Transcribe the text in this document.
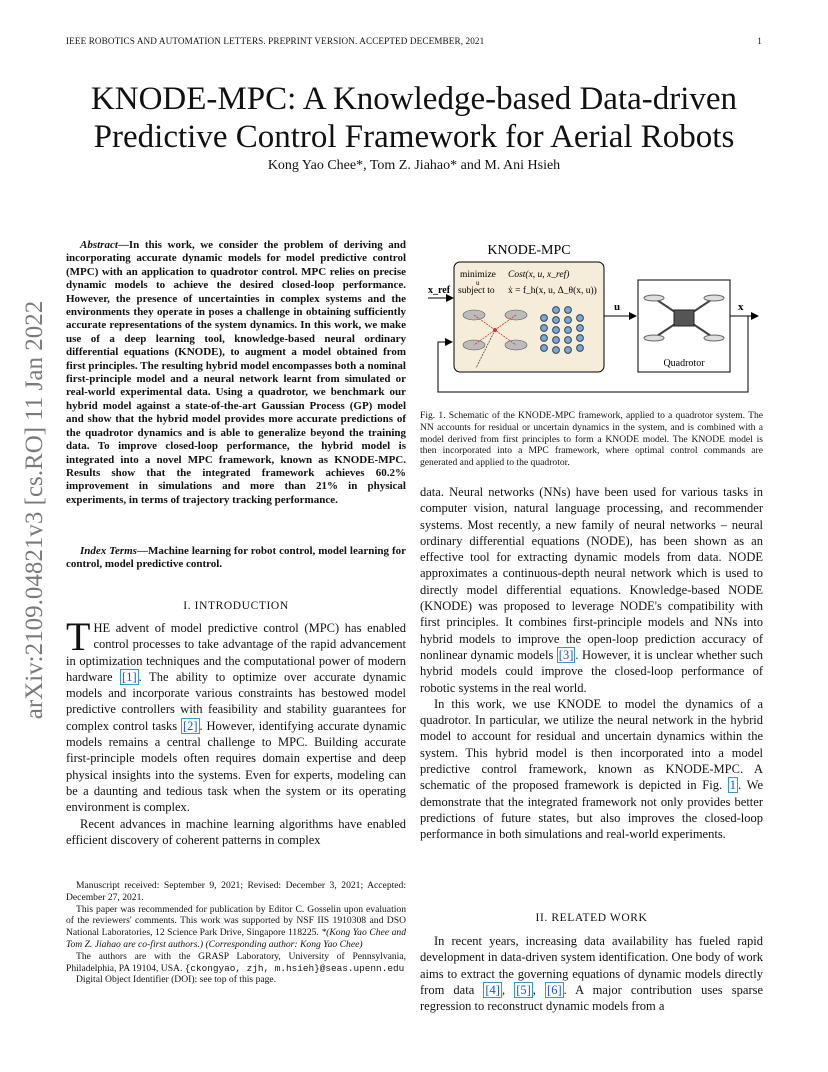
IEEE ROBOTICS AND AUTOMATION LETTERS. PREPRINT VERSION. ACCEPTED DECEMBER, 2021	1
arXiv:2109.04821v3 [cs.RO] 11 Jan 2022
KNODE-MPC: A Knowledge-based Data-driven
Predictive Control Framework for Aerial Robots
Kong Yao Chee*, Tom Z. Jiahao* and M. Ani Hsieh
Abstract—In this work, we consider the problem of deriving and incorporating accurate dynamic models for model predictive control (MPC) with an application to quadrotor control. MPC relies on precise dynamic models to achieve the desired closed-loop performance. However, the presence of uncertainties in complex systems and the environments they operate in poses a challenge in obtaining sufficiently accurate representations of the system dynamics. In this work, we make use of a deep learning tool, knowledge-based neural ordinary differential equations (KNODE), to augment a model obtained from first principles. The resulting hybrid model encompasses both a nominal first-principle model and a neural network learnt from simulated or real-world experimental data. Using a quadrotor, we benchmark our hybrid model against a state-of-the-art Gaussian Process (GP) model and show that the hybrid model provides more accurate predictions of the quadrotor dynamics and is able to generalize beyond the training data. To improve closed-loop performance, the hybrid model is integrated into a novel MPC framework, known as KNODE-MPC. Results show that the integrated framework achieves 60.2% improvement in simulations and more than 21% in physical experiments, in terms of trajectory tracking performance.
Index Terms—Machine learning for robot control, model learning for control, model predictive control.
I. INTRODUCTION

THE advent of model predictive control (MPC) has enabled control processes to take advantage of the rapid advancement in optimization techniques and the computational power of modern hardware [1] . The ability to optimize over accurate dynamic models and incorporate various constraints has bestowed model predictive controllers with feasibility and stability guarantees for complex control tasks [2] . However, identifying accurate dynamic models remains a central challenge to MPC. Building accurate first-principle models often requires domain expertise and deep physical insights into the systems. Even for experts, modeling can be a daunting and tedious task when the system or its operating environment is complex.

Recent advances in machine learning algorithms have enabled efficient discovery of coherent patterns in complex

Manuscript received: September 9, 2021; Revised: December 3, 2021; Accepted: December 27, 2021.

This paper was recommended for publication by Editor C. Gosselin upon evaluation of the reviewers' comments. This work was supported by NSF IIS 1910308 and DSO National Laboratories, 12 Science Park Drive, Singapore 118225. *(Kong Yao Chee and Tom Z. Jiahao are co-first authors.) (Corresponding author: Kong Yao Chee)

The authors are with the GRASP Laboratory, University of Pennsylvania, Philadelphia, PA 19104, USA. {ckongyao, zjh, m.hsieh}@seas.upenn.edu

Digital Object Identifier (DOI): see top of this page.

KNODE-MPC
minimize
u
Cost(x, u, x_ref)
subject to ẋ = f_h(x, u, Δ_θ(x, u))
x_ref
u
Quadrotor
x
Fig. 1. Schematic of the KNODE-MPC framework, applied to a quadrotor system. The NN accounts for residual or uncertain dynamics in the system, and is combined with a model derived from first principles to form a KNODE model. The KNODE model is then incorporated into a MPC framework, where optimal control commands are generated and applied to the quadrotor.

data. Neural networks (NNs) have been used for various tasks in computer vision, natural language processing, and recommender systems. Most recently, a new family of neural networks – neural ordinary differential equations (NODE), has been shown as an effective tool for extracting dynamic models from data. NODE approximates a continuous-depth neural network which is used to directly model differential equations. Knowledge-based NODE (KNODE) was proposed to leverage NODE's compatibility with first principles. It combines first-principle models and NNs into hybrid models to improve the open-loop prediction accuracy of nonlinear dynamic models [3] . However, it is unclear whether such hybrid models could improve the closed-loop performance of robotic systems in the real world.

In this work, we use KNODE to model the dynamics of a quadrotor. In particular, we utilize the neural network in the hybrid model to account for residual and uncertain dynamics within the system. This hybrid model is then incorporated into a model predictive control framework, known as KNODE-MPC. A schematic of the proposed framework is depicted in Fig. 1 . We demonstrate that the integrated framework not only provides better predictions of future states, but also improves the closed-loop performance in both simulations and real-world experiments.

II. RELATED WORK

In recent years, increasing data availability has fueled rapid development in data-driven system identification. One body of work aims to extract the governing equations of dynamic models directly from data [4] , [5] , [6] . A major contribution uses sparse regression to reconstruct dynamic models from a
